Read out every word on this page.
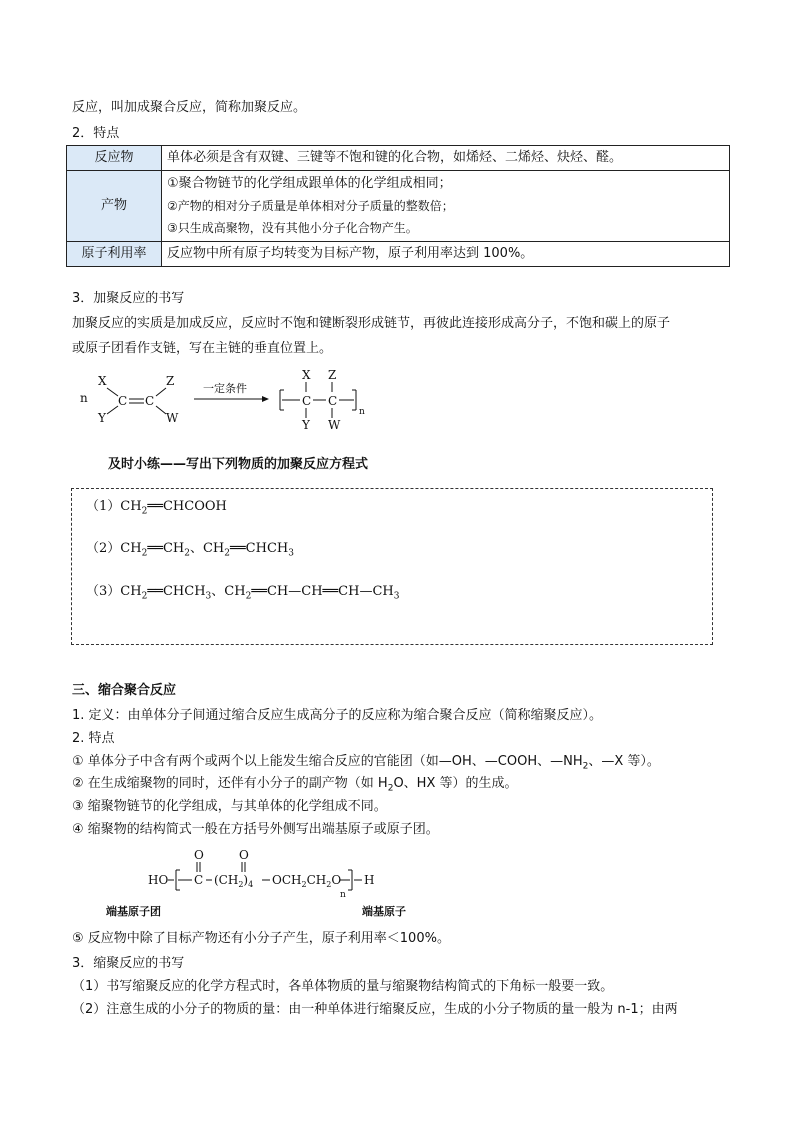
反应，叫加成聚合反应，简称加聚反应。
2．特点
反应物	单体必须是含有双键、三键等不饱和键的化合物，如烯烃、二烯烃、炔烃、醛。
产物	①聚合物链节的化学组成跟单体的化学组成相同；
②产物的相对分子质量是单体相对分子质量的整数倍；
③只生成高聚物，没有其他小分子化合物产生。

原子利用率	反应物中所有原子均转变为目标产物，原子利用率达到 100%。
3．加聚反应的书写
加聚反应的实质是加成反应，反应时不饱和键断裂形成链节，再彼此连接形成高分子，不饱和碳上的原子
或原子团看作支链，写在主链的垂直位置上。
n
X
Y
C C
Z
W
一定条件
X
C
Y
Z
C
W
n
及时小练——写出下列物质的加聚反应方程式
$(1)CH_2══CHCOOH$
$(2)CH_2══CH_2$、$CH_2══CHCH_3$
$(3)CH_2══CHCH_3$、$CH_2══CH—CH══CH—CH_3$
三、缩合聚合反应
1. 定义：由单体分子间通过缩合反应生成高分子的反应称为缩合聚合反应（简称缩聚反应）。
2. 特点
① 单体分子中含有两个或两个以上能发生缩合反应的官能团（如—OH、—COOH、$—NH_2$、—X 等）。
② 在生成缩聚物的同时，还伴有小分子的副产物（如 $H_2O$、HX 等）的生成。
③ 缩聚物链节的化学组成，与其单体的化学组成不同。
④ 缩聚物的结构简式一般在方括号外侧写出端基原子或原子团。
HO
O
C $(CH_2)_4$
O
$OCH_2CH_2O$
n
H
端基原子团	端基原子
⑤ 反应物中除了目标产物还有小分子产生，原子利用率＜100%。
3．缩聚反应的书写
（1）书写缩聚反应的化学方程式时，各单体物质的量与缩聚物结构简式的下角标一般要一致。
（2）注意生成的小分子的物质的量：由一种单体进行缩聚反应，生成的小分子物质的量一般为 n-1；由两
